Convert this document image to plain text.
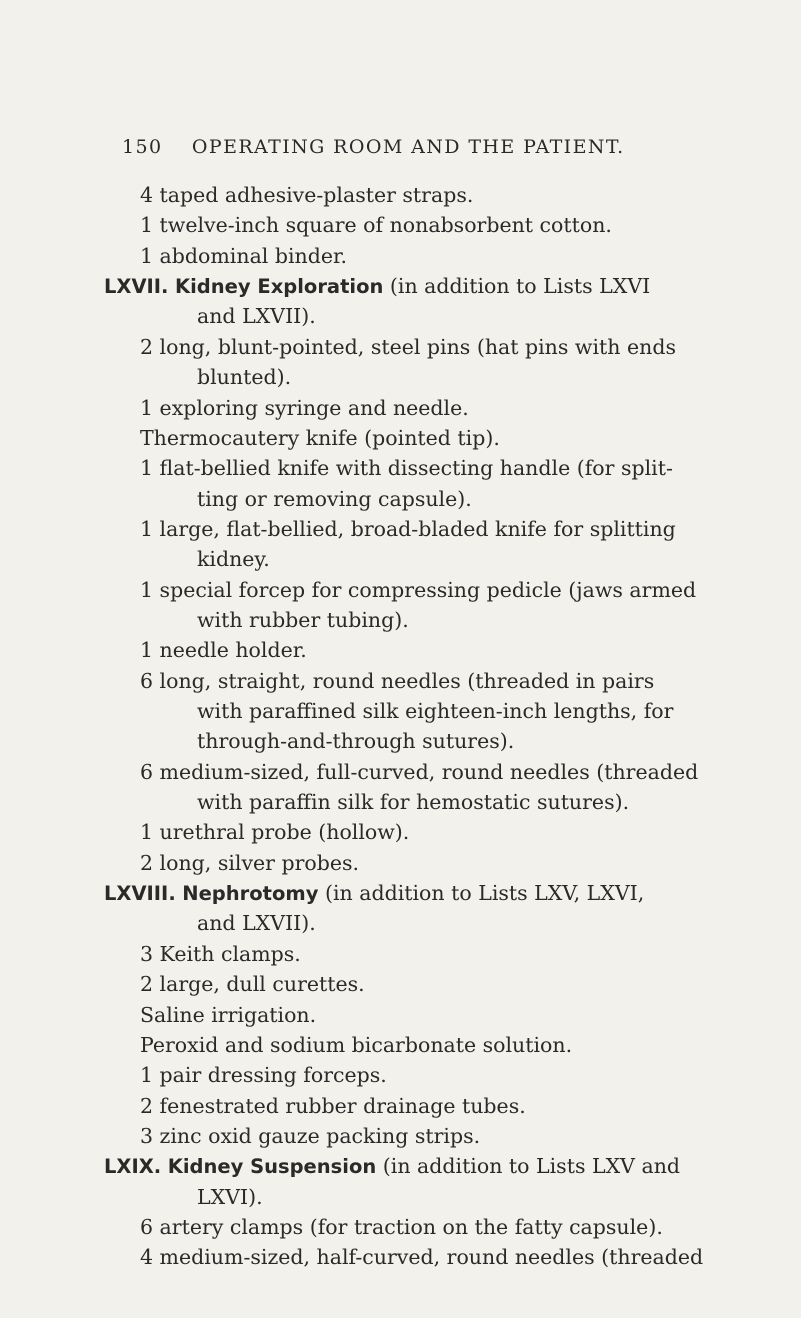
150 OPERATING ROOM AND THE PATIENT.
4 taped adhesive-plaster straps.
1 twelve-inch square of nonabsorbent cotton.
1 abdominal binder.
LXVII. Kidney Exploration (in addition to Lists LXVI
and LXVII).
2 long, blunt-pointed, steel pins (hat pins with ends
blunted).
1 exploring syringe and needle.
Thermocautery knife (pointed tip).
1 flat-bellied knife with dissecting handle (for split-
ting or removing capsule).
1 large, flat-bellied, broad-bladed knife for splitting
kidney.
1 special forcep for compressing pedicle (jaws armed
with rubber tubing).
1 needle holder.
6 long, straight, round needles (threaded in pairs
with paraffined silk eighteen-inch lengths, for
through-and-through sutures).
6 medium-sized, full-curved, round needles (threaded
with paraffin silk for hemostatic sutures).
1 urethral probe (hollow).
2 long, silver probes.
LXVIII. Nephrotomy (in addition to Lists LXV, LXVI,
and LXVII).
3 Keith clamps.
2 large, dull curettes.
Saline irrigation.
Peroxid and sodium bicarbonate solution.
1 pair dressing forceps.
2 fenestrated rubber drainage tubes.
3 zinc oxid gauze packing strips.
LXIX. Kidney Suspension (in addition to Lists LXV and
LXVI).
6 artery clamps (for traction on the fatty capsule).
4 medium-sized, half-curved, round needles (threaded
